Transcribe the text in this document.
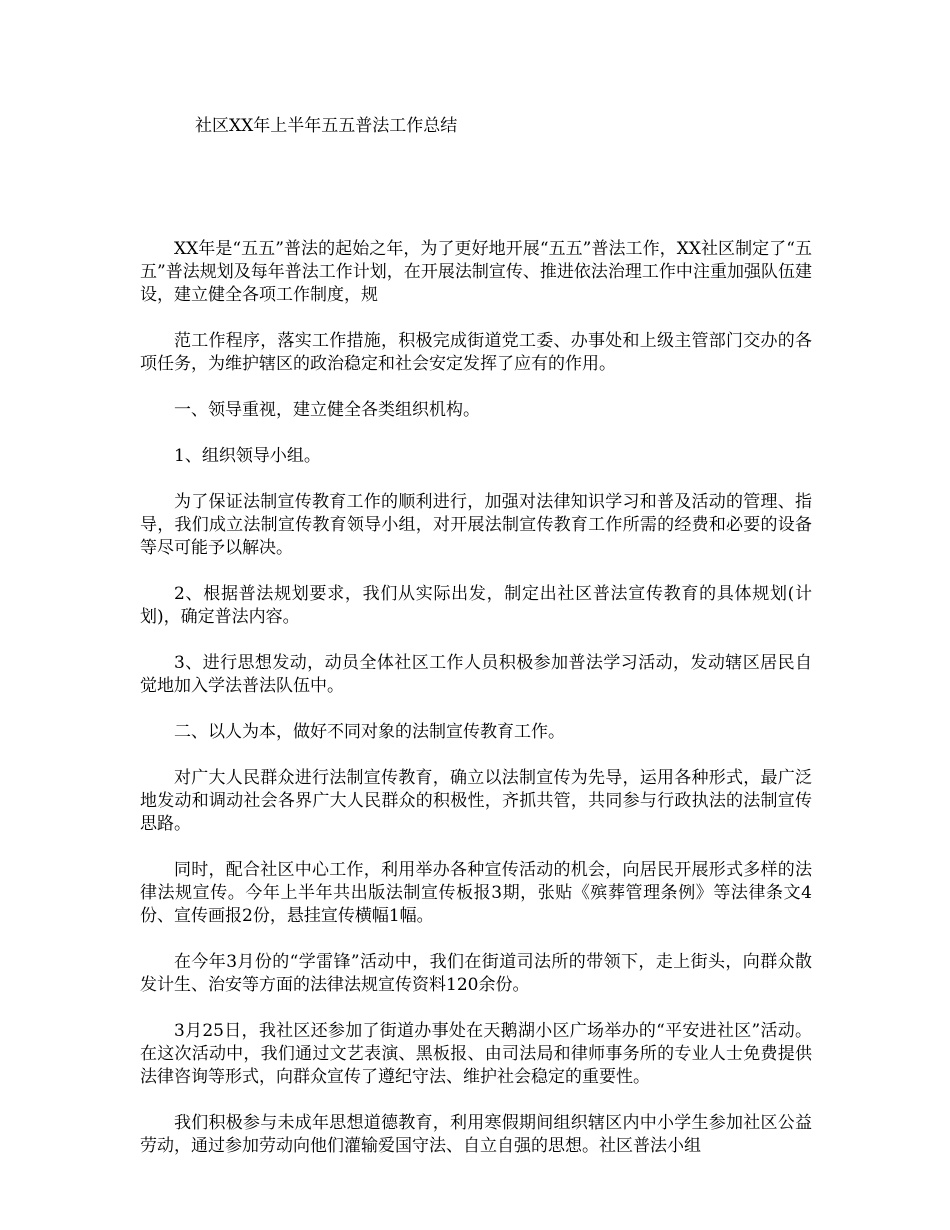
社区XX年上半年五五普法工作总结

XX年是“五五”普法的起始之年，为了更好地开展“五五”普法工作，XX社区制定了“五五”普法规划及每年普法工作计划，在开展法制宣传、推进依法治理工作中注重加强队伍建设，建立健全各项工作制度，规

范工作程序，落实工作措施，积极完成街道党工委、办事处和上级主管部门交办的各项任务，为维护辖区的政治稳定和社会安定发挥了应有的作用。

一、领导重视，建立健全各类组织机构。

1、组织领导小组。

为了保证法制宣传教育工作的顺利进行，加强对法律知识学习和普及活动的管理、指导，我们成立法制宣传教育领导小组，对开展法制宣传教育工作所需的经费和必要的设备等尽可能予以解决。

2、根据普法规划要求，我们从实际出发，制定出社区普法宣传教育的具体规划(计划)，确定普法内容。

3、进行思想发动，动员全体社区工作人员积极参加普法学习活动，发动辖区居民自觉地加入学法普法队伍中。

二、以人为本，做好不同对象的法制宣传教育工作。

对广大人民群众进行法制宣传教育，确立以法制宣传为先导，运用各种形式，最广泛地发动和调动社会各界广大人民群众的积极性，齐抓共管，共同参与行政执法的法制宣传思路。

同时，配合社区中心工作，利用举办各种宣传活动的机会，向居民开展形式多样的法律法规宣传。今年上半年共出版法制宣传板报3期，张贴《殡葬管理条例》等法律条文4份、宣传画报2份，悬挂宣传横幅1幅。

在今年3月份的“学雷锋”活动中，我们在街道司法所的带领下，走上街头，向群众散发计生、治安等方面的法律法规宣传资料120余份。

3月25日，我社区还参加了街道办事处在天鹅湖小区广场举办的“平安进社区”活动。在这次活动中，我们通过文艺表演、黑板报、由司法局和律师事务所的专业人士免费提供法律咨询等形式，向群众宣传了遵纪守法、维护社会稳定的重要性。

我们积极参与未成年思想道德教育，利用寒假期间组织辖区内中小学生参加社区公益劳动，通过参加劳动向他们灌输爱国守法、自立自强的思想。社区普法小组
